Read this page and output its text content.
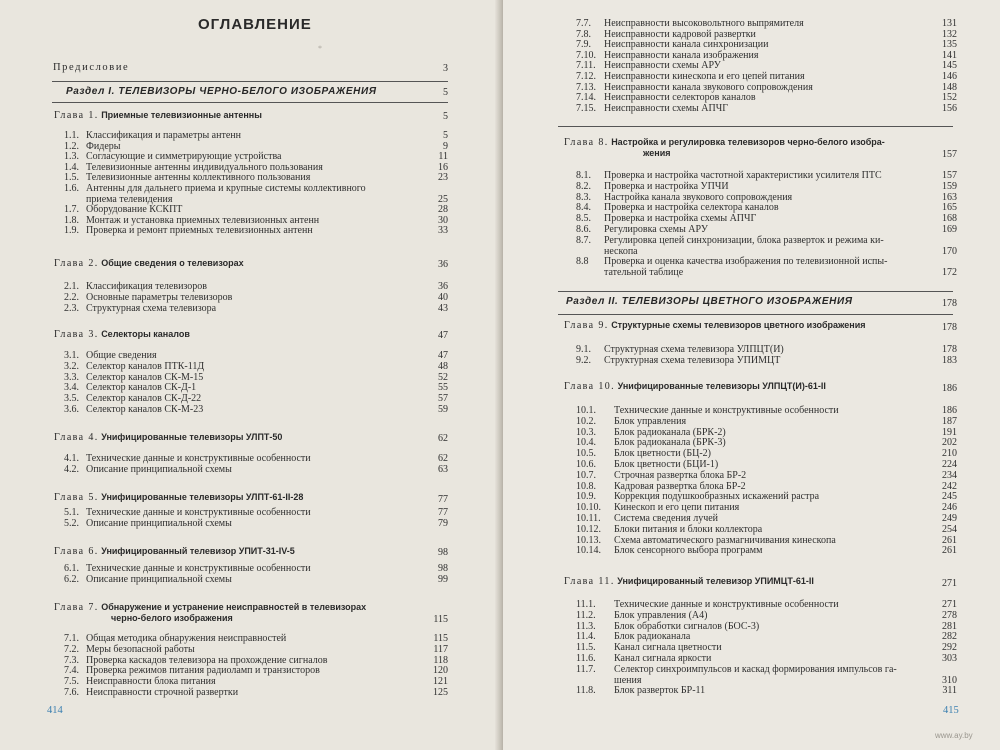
ОГЛАВЛЕНИЕ
*
Предисловие	3
Раздел I. ТЕЛЕВИЗОРЫ ЧЕРНО-БЕЛОГО ИЗОБРАЖЕНИЯ	5
Глава 1. Приемные телевизионные антенны	5
1.1. Классификация и параметры антенн	5
1.2. Фидеры	9
1.3. Согласующие и симметрирующие устройства	11
1.4. Телевизионные антенны индивидуального пользования	16
1.5. Телевизионные антенны коллективного пользования	23
1.6. Антенны для дальнего приема и крупные системы коллективного
приема телевидения	25
1.7. Оборудование КСКПТ	28
1.8. Монтаж и установка приемных телевизионных антенн	30
1.9. Проверка и ремонт приемных телевизионных антенн	33
Глава 2. Общие сведения о телевизорах	36
2.1. Классификация телевизоров	36
2.2. Основные параметры телевизоров	40
2.3. Структурная схема телевизора	43
Глава 3. Селекторы каналов	47
3.1. Общие сведения	47
3.2. Селектор каналов ПТК-11Д	48
3.3. Селектор каналов СК-М-15	52
3.4. Селектор каналов СК-Д-1	55
3.5. Селектор каналов СК-Д-22	57
3.6. Селектор каналов СК-М-23	59
Глава 4. Унифицированные телевизоры УЛПТ-50	62
4.1. Технические данные и конструктивные особенности	62
4.2. Описание принципиальной схемы	63
Глава 5. Унифицированные телевизоры УЛПТ-61-II-28	77
5.1. Технические данные и конструктивные особенности	77
5.2. Описание принципиальной схемы	79
Глава 6. Унифицированный телевизор УПИТ-31-IV-5	98
6.1. Технические данные и конструктивные особенности	98
6.2. Описание принципиальной схемы	99
Глава 7. Обнаружение и устранение неисправностей в телевизорах
черно-белого изображения	115
7.1. Общая методика обнаружения неисправностей	115
7.2. Меры безопасной работы	117
7.3. Проверка каскадов телевизора на прохождение сигналов	118
7.4. Проверка режимов питания радиоламп и транзисторов	120
7.5. Неисправности блока питания	121
7.6. Неисправности строчной развертки	125
414
7.7. Неисправности высоковольтного выпрямителя	131
7.8. Неисправности кадровой развертки	132
7.9. Неисправности канала синхронизации	135
7.10. Неисправности канала изображения	141
7.11. Неисправности схемы АРУ	145
7.12. Неисправности кинескопа и его цепей питания	146
7.13. Неисправности канала звукового сопровождения	148
7.14. Неисправности селекторов каналов	152
7.15. Неисправности схемы АПЧГ	156
Глава 8. Настройка и регулировка телевизоров черно-белого изобра-
жения	157
8.1. Проверка и настройка частотной характеристики усилителя ПТС	157
8.2. Проверка и настройка УПЧИ	159
8.3. Настройка канала звукового сопровождения	163
8.4. Проверка и настройка селектора каналов	165
8.5. Проверка и настройка схемы АПЧГ	168
8.6. Регулировка схемы АРУ	169
8.7. Регулировка цепей синхронизации, блока разверток и режима ки-
нескопа	170
8.8 Проверка и оценка качества изображения по телевизионной испы-
тательной таблице	172
Раздел II. ТЕЛЕВИЗОРЫ ЦВЕТНОГО ИЗОБРАЖЕНИЯ	178
Глава 9. Структурные схемы телевизоров цветного изображения	178
9.1. Структурная схема телевизора УЛПЦТ(И)	178
9.2. Структурная схема телевизора УПИМЦТ	183
Глава 10. Унифицированные телевизоры УЛПЦТ(И)-61-II	186
10.1. Технические данные и конструктивные особенности	186
10.2. Блок управления	187
10.3. Блок радиоканала (БРК-2)	191
10.4. Блок радиоканала (БРК-3)	202
10.5. Блок цветности (БЦ-2)	210
10.6. Блок цветности (БЦИ-1)	224
10.7. Строчная развертка блока БР-2	234
10.8. Кадровая развертка блока БР-2	242
10.9. Коррекция подушкообразных искажений растра	245
10.10. Кинескоп и его цепи питания	246
10.11. Система сведения лучей	249
10.12. Блоки питания и блоки коллектора	254
10.13. Схема автоматического размагничивания кинескопа	261
10.14. Блок сенсорного выбора программ	261
Глава 11. Унифицированный телевизор УПИМЦТ-61-II	271
11.1. Технические данные и конструктивные особенности	271
11.2. Блок управления (А4)	278
11.3. Блок обработки сигналов (БОС-3)	281
11.4. Блок радиоканала	282
11.5. Канал сигнала цветности	292
11.6. Канал сигнала яркости	303
11.7. Селектор синхроимпульсов и каскад формирования импульсов га-
шения	310
11.8. Блок разверток БР-11	311
415
www.ay.by
